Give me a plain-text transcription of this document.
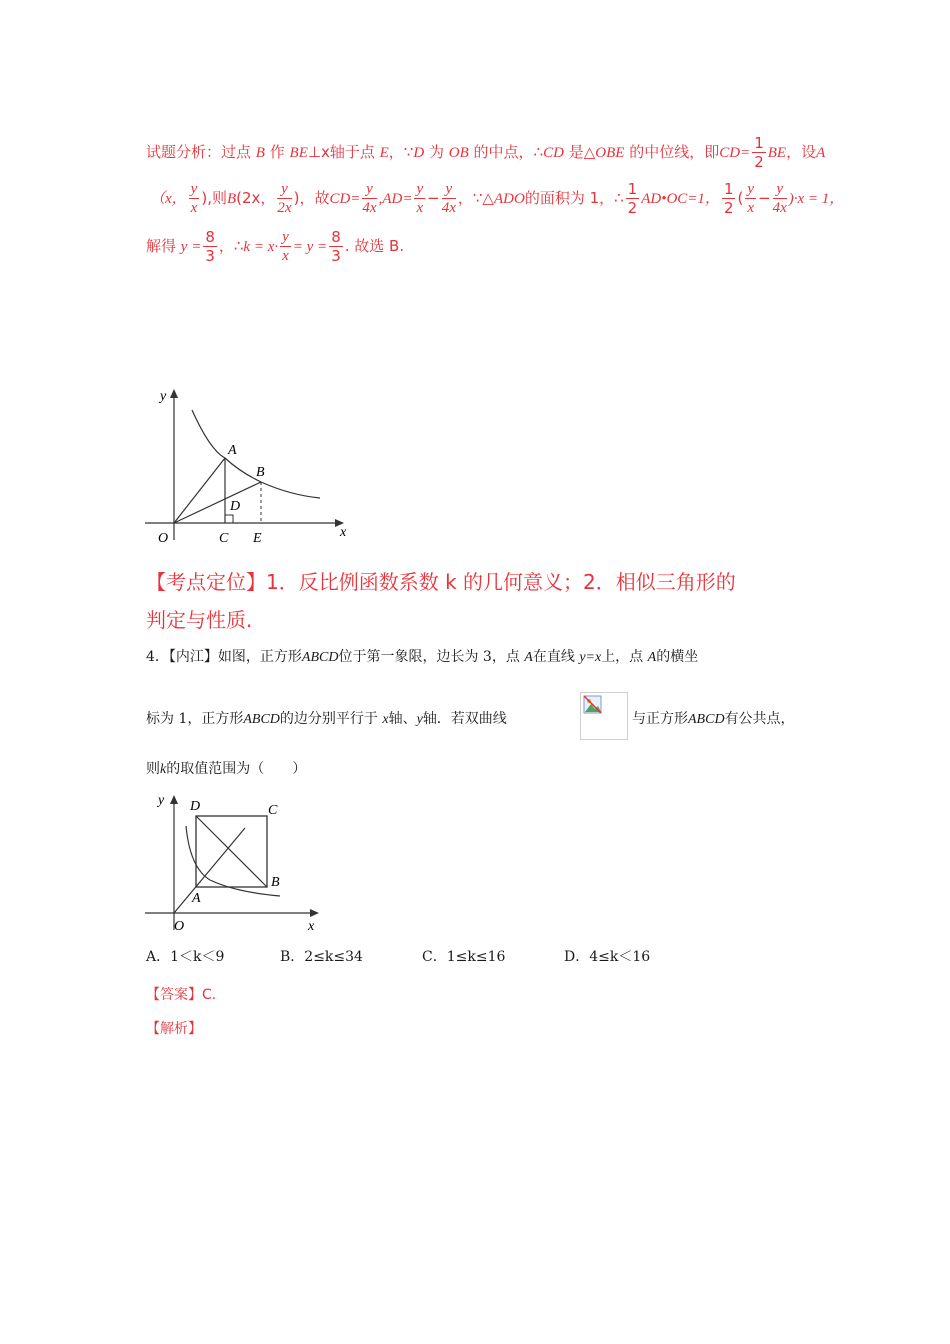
试题分析：过点 B 作 BE⊥x轴于点 E，∵D 为 OB 的中点，∴CD 是△OBE 的中位线，即$CD= \frac{1}{2}$ BE，设A
（x， $\frac{y}{x}$ ),则B(2x， $\frac{y}{2x}$ )，故$CD= \frac{y}{4x} ,AD= \frac{y}{x} - \frac{y}{4x}$ ，∵△ADO的面积为 1，∴ $\frac{1}{2}$ AD•OC=1， $\frac{1}{2}$ ( $\frac{y}{x} - \frac{y}{4x} )\cdot x = 1$，
解得 $y = \frac{8}{3}$ ，∴k = $x\cdot \frac{y}{x} = y = \frac{8}{3}$ . 故选 B.
y
A
B
D
O	C E	x
【考点定位】1．反比例函数系数 k 的几何意义；2．相似三角形的
判定与性质.
4．【内江】如图，正方形ABCD位于第一象限，边长为 3，点 A在直线 y=x上，点 A的横坐
标为 1，正方形ABCD的边分别平行于 x轴、y轴．若双曲线	与正方形ABCD有公共点，
则k的取值范围为（　　）
y D	C
B
A
O	x
A．1＜k＜9	B．2≤k≤34	C．1≤k≤16	D．4≤k＜16
【答案】C.
【解析】
